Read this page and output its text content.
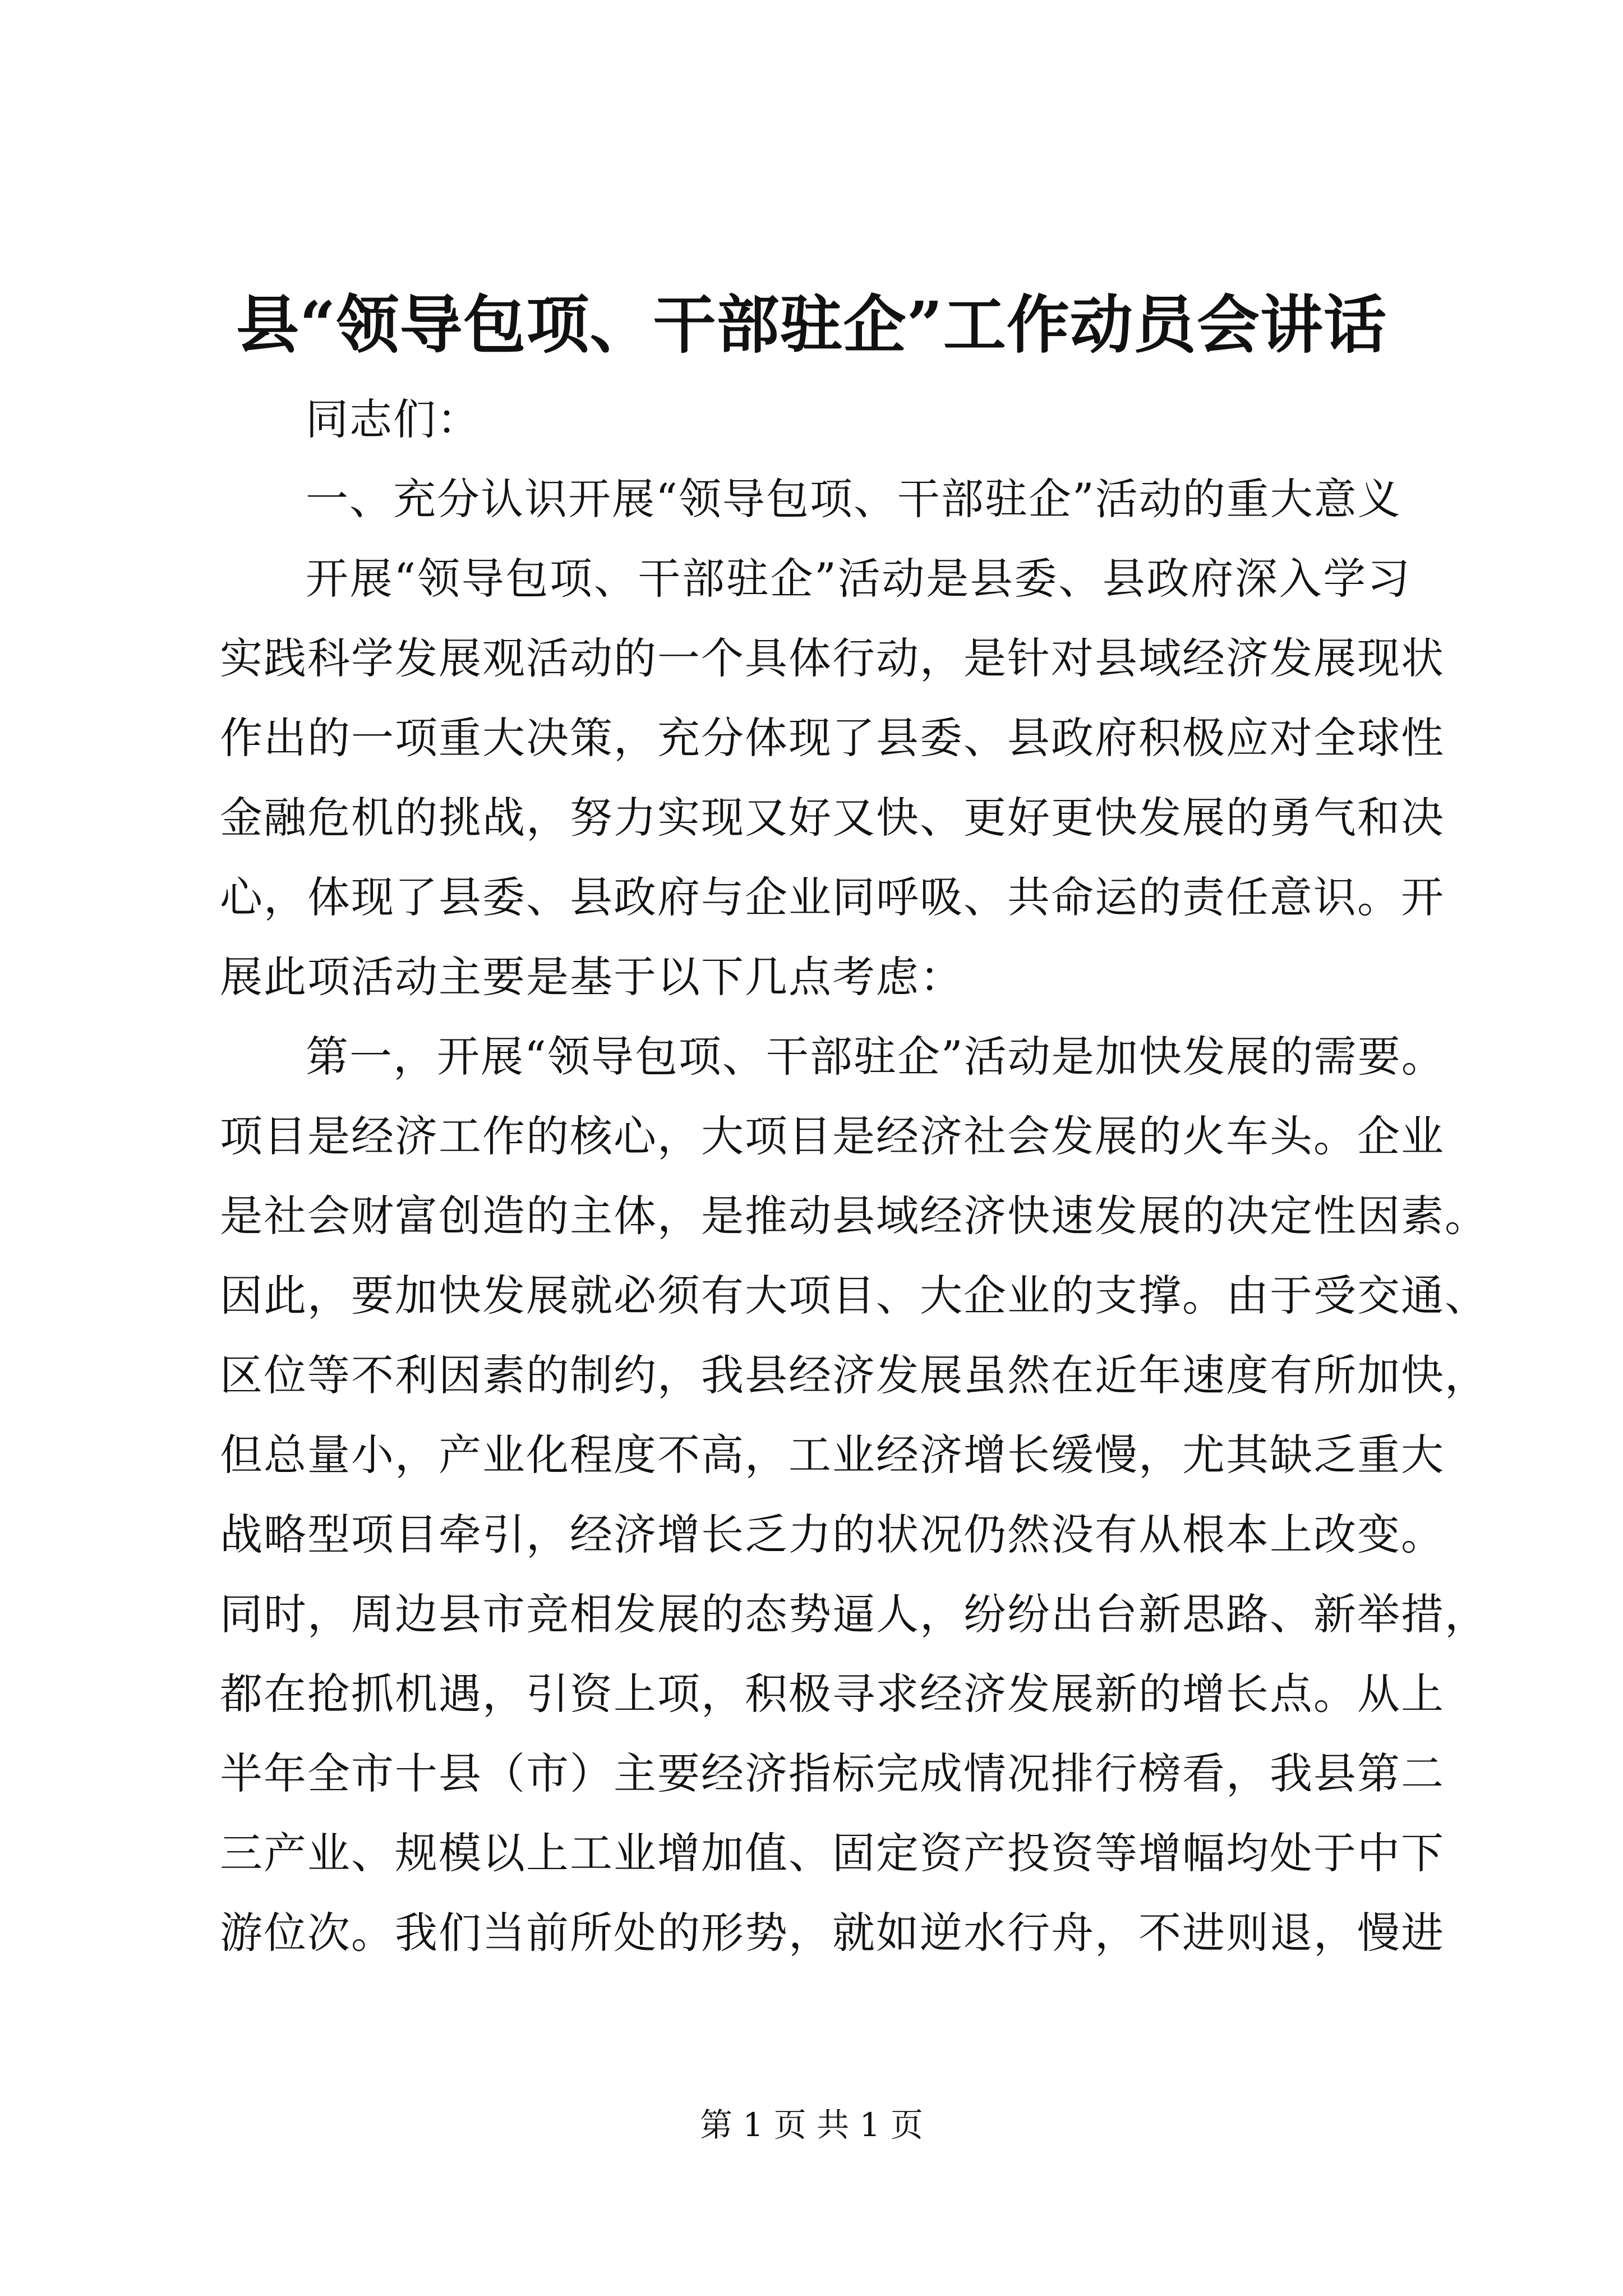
县“领导包项、干部驻企”工作动员会讲话
同志们：
一、充分认识开展“领导包项、干部驻企”活动的重大意义
开展“领导包项、干部驻企”活动是县委、县政府深入学习
实践科学发展观活动的一个具体行动，是针对县域经济发展现状
作出的一项重大决策，充分体现了县委、县政府积极应对全球性
金融危机的挑战，努力实现又好又快、更好更快发展的勇气和决
心，体现了县委、县政府与企业同呼吸、共命运的责任意识。开
展此项活动主要是基于以下几点考虑：
第一，开展“领导包项、干部驻企”活动是加快发展的需要。
项目是经济工作的核心，大项目是经济社会发展的火车头。企业
是社会财富创造的主体，是推动县域经济快速发展的决定性因素。
因此，要加快发展就必须有大项目、大企业的支撑。由于受交通、
区位等不利因素的制约，我县经济发展虽然在近年速度有所加快，
但总量小，产业化程度不高，工业经济增长缓慢，尤其缺乏重大
战略型项目牵引，经济增长乏力的状况仍然没有从根本上改变。
同时，周边县市竞相发展的态势逼人，纷纷出台新思路、新举措，
都在抢抓机遇，引资上项，积极寻求经济发展新的增长点。从上
半年全市十县（市）主要经济指标完成情况排行榜看，我县第二
三产业、规模以上工业增加值、固定资产投资等增幅均处于中下
游位次。我们当前所处的形势，就如逆水行舟，不进则退，慢进
第 1 页 共 1 页
